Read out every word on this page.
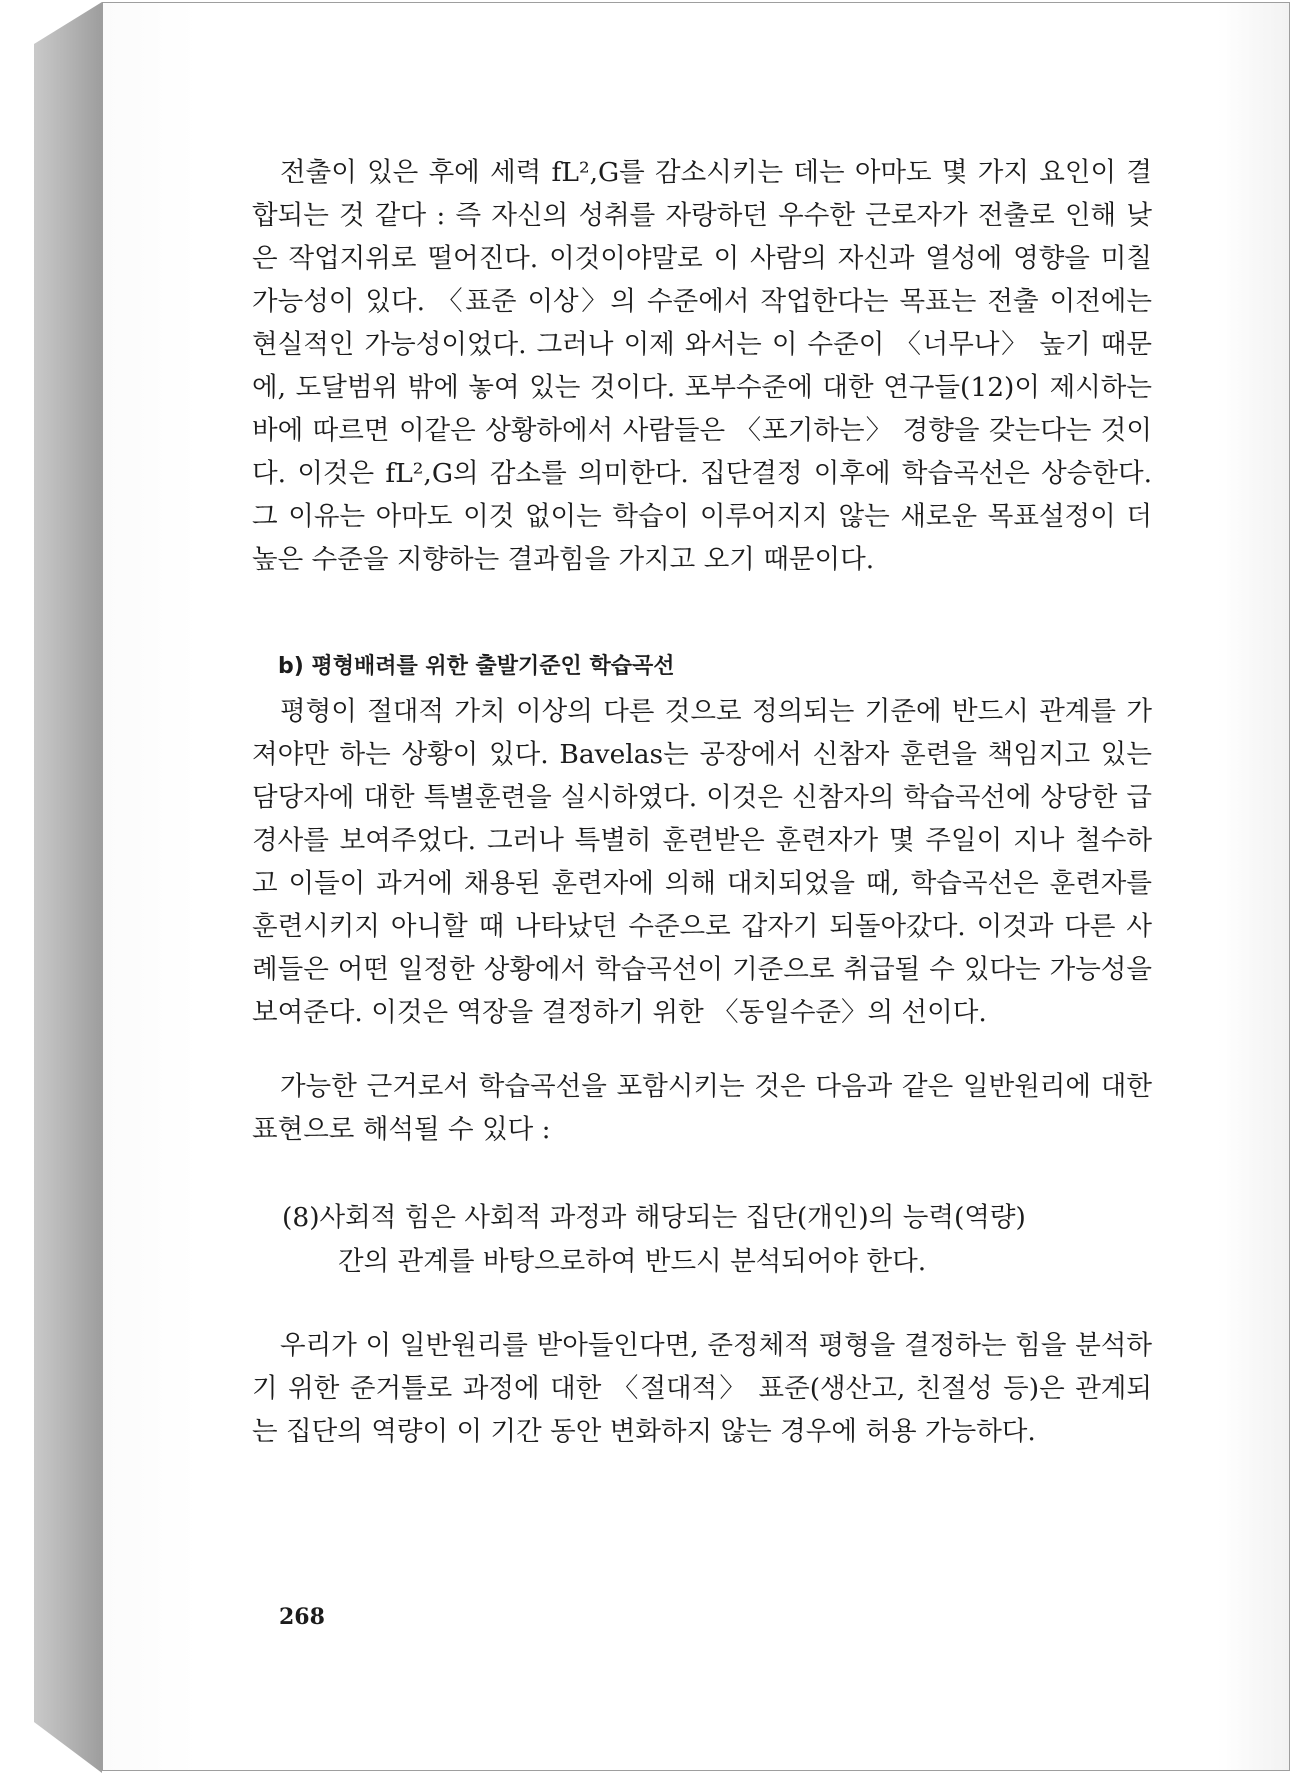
전출이 있은 후에 세력 fL²,G를 감소시키는 데는 아마도 몇 가지 요인이 결합되는 것 같다 : 즉 자신의 성취를 자랑하던 우수한 근로자가 전출로 인해 낮은 작업지위로 떨어진다. 이것이야말로 이 사람의 자신과 열성에 영향을 미칠 가능성이 있다. 〈표준 이상〉의 수준에서 작업한다는 목표는 전출 이전에는 현실적인 가능성이었다. 그러나 이제 와서는 이 수준이 〈너무나〉 높기 때문에, 도달범위 밖에 놓여 있는 것이다. 포부수준에 대한 연구들(12)이 제시하는 바에 따르면 이같은 상황하에서 사람들은 〈포기하는〉 경향을 갖는다는 것이다. 이것은 fL²,G의 감소를 의미한다. 집단결정 이후에 학습곡선은 상승한다. 그 이유는 아마도 이것 없이는 학습이 이루어지지 않는 새로운 목표설정이 더 높은 수준을 지향하는 결과힘을 가지고 오기 때문이다.

평형이 절대적 가치 이상의 다른 것으로 정의되는 기준에 반드시 관계를 가져야만 하는 상황이 있다. Bavelas는 공장에서 신참자 훈련을 책임지고 있는 담당자에 대한 특별훈련을 실시하였다. 이것은 신참자의 학습곡선에 상당한 급경사를 보여주었다. 그러나 특별히 훈련받은 훈련자가 몇 주일이 지나 철수하고 이들이 과거에 채용된 훈련자에 의해 대치되었을 때, 학습곡선은 훈련자를 훈련시키지 아니할 때 나타났던 수준으로 갑자기 되돌아갔다. 이것과 다른 사례들은 어떤 일정한 상황에서 학습곡선이 기준으로 취급될 수 있다는 가능성을 보여준다. 이것은 역장을 결정하기 위한 〈동일수준〉의 선이다.

가능한 근거로서 학습곡선을 포함시키는 것은 다음과 같은 일반원리에 대한 표현으로 해석될 수 있다 :

우리가 이 일반원리를 받아들인다면, 준정체적 평형을 결정하는 힘을 분석하기 위한 준거틀로 과정에 대한 〈절대적〉 표준(생산고, 친절성 등)은 관계되는 집단의 역량이 이 기간 동안 변화하지 않는 경우에 허용 가능하다.

b) 평형배려를 위한 출발기준인 학습곡선

(8)사회적 힘은 사회적 과정과 해당되는 집단(개인)의 능력(역량)
간의 관계를 바탕으로하여 반드시 분석되어야 한다.
268
